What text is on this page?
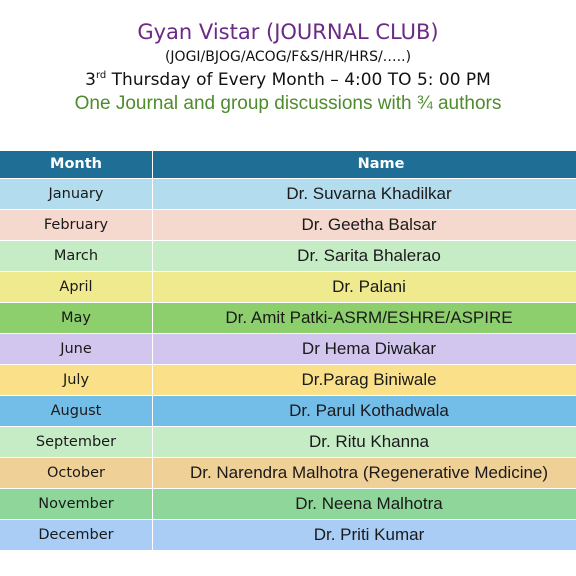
Gyan Vistar (JOURNAL CLUB)
(JOGI/BJOG/ACOG/F&S/HR/HRS/…..)
3rd Thursday of Every Month – 4:00 TO 5: 00 PM
One Journal and group discussions with ¾ authors
Month	Name
January	Dr. Suvarna Khadilkar
February	Dr. Geetha Balsar
March	Dr. Sarita Bhalerao
April	Dr. Palani
May	Dr. Amit Patki-ASRM/ESHRE/ASPIRE
June	Dr Hema Diwakar
July	Dr.Parag Biniwale
August	Dr. Parul Kothadwala
September	Dr. Ritu Khanna
October	Dr. Narendra Malhotra (Regenerative Medicine)
November	Dr. Neena Malhotra
December	Dr. Priti Kumar
